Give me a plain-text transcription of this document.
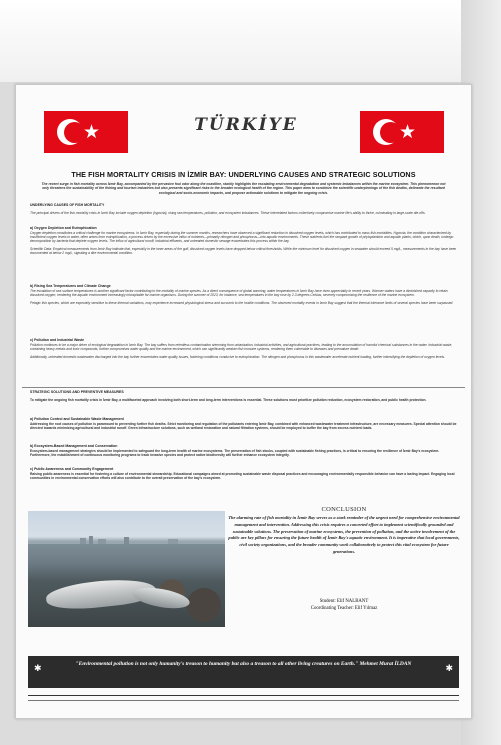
★	TÜRKİYE	★
THE FISH MORTALITY CRISIS IN İZMİR BAY: UNDERLYING CAUSES AND STRATEGIC SOLUTIONS
The recent surge in fish mortality across İzmir Bay, accompanied by the pervasive foul odor along the coastline, starkly highlights the escalating environmental degradation and systemic imbalances within the marine ecosystem. This phenomenon not only threatens the sustainability of the fishing and tourism industries but also presents significant risks to the broader ecological health of the region. This paper aims to scrutinize the scientific underpinnings of the fish deaths, delineate the resultant ecological and socio-economic impacts, and propose actionable solutions to mitigate the ongoing crisis.
UNDERLYING CAUSES OF FISH MORTALITY
The principal drivers of the fish mortality crisis in İzmir Bay include oxygen depletion (hypoxia), rising sea temperatures, pollution, and ecosystem imbalances. These interrelated factors collectively compromise marine life's ability to thrive, culminating in large-scale die-offs.
a) Oxygen Depletion and Eutrophication
Oxygen depletion constitutes a critical challenge for marine ecosystems. In İzmir Bay, especially during the summer months, researchers have observed a significant reduction in dissolved oxygen levels, which has contributed to mass fish mortalities. Hypoxia, the condition characterized by insufficient oxygen levels in water, often arises from eutrophication, a process driven by the excessive influx of nutrients—primarily nitrogen and phosphorus—into aquatic environments. These nutrients fuel the rampant growth of phytoplankton and aquatic plants, which, upon death, undergo decomposition by bacteria that deplete oxygen levels. The influx of agricultural runoff, industrial effluents, and untreated domestic sewage exacerbates this process within the bay.
Scientific Data: Empirical measurements from İzmir Bay indicate that, especially in the inner areas of the gulf, dissolved oxygen levels have dropped below critical thresholds. While the minimum level for dissolved oxygen in seawater should exceed 5 mg/L, measurements in the bay have been documented at below 2 mg/L, signaling a dire environmental condition.
b) Rising Sea Temperatures and Climate Change
The escalation of sea surface temperatures is another significant factor contributing to the mortality of marine species. As a direct consequence of global warming, water temperatures in İzmir Bay have risen appreciably in recent years. Warmer waters have a diminished capacity to retain dissolved oxygen, rendering the aquatic environment increasingly inhospitable for marine organisms. During the summer of 2023, for instance, sea temperatures in the bay rose by 2-3 degrees Celsius, severely compromising the resilience of the marine ecosystem.
Pelagic fish species, which are especially sensitive to these thermal variations, may experience increased physiological stress and succumb to the hostile conditions. The observed mortality events in İzmir Bay suggest that the thermal tolerance limits of several species have been surpassed.
c) Pollution and Industrial Waste
Pollution continues to be a major driver of ecological degradation in İzmir Bay. The bay suffers from relentless contamination stemming from urbanization, industrial activities, and agricultural practices, leading to the accumulation of harmful chemical substances in the water. Industrial waste, containing heavy metals and toxic compounds, further compromises water quality and the marine environment, which can significantly weaken fish immune systems, rendering them vulnerable to diseases and premature death.
Additionally, untreated domestic wastewater discharged into the bay further exacerbates water quality issues, fostering conditions conducive to eutrophication. The nitrogen and phosphorus in this wastewater accelerate nutrient loading, further intensifying the depletion of oxygen levels.
STRATEGIC SOLUTIONS AND PREVENTIVE MEASURES
To mitigate the ongoing fish mortality crisis in İzmir Bay, a multifaceted approach involving both short-term and long-term interventions is essential. These solutions must prioritize pollution reduction, ecosystem restoration, and public health protection.
a) Pollution Control and Sustainable Waste Management
Addressing the root causes of pollution is paramount to preventing further fish deaths. Strict monitoring and regulation of the pollutants entering İzmir Bay, combined with enhanced wastewater treatment infrastructure, are necessary measures. Special attention should be directed towards minimizing agricultural and industrial runoff. Green infrastructure solutions, such as wetland restoration and natural filtration systems, should be employed to buffer the bay from excess nutrient loads.
b) Ecosystem-Based Management and Conservation
Ecosystem-based management strategies should be implemented to safeguard the long-term health of marine ecosystems. The preservation of fish stocks, coupled with sustainable fishing practices, is critical to ensuring the resilience of İzmir Bay's ecosystem. Furthermore, the establishment of continuous monitoring programs to track invasive species and protect native biodiversity will further enhance ecosystem integrity.
c) Public Awareness and Community Engagement
Raising public awareness is essential for fostering a culture of environmental stewardship. Educational campaigns aimed at promoting sustainable waste disposal practices and encouraging environmentally responsible behavior can have a lasting impact. Engaging local communities in environmental conservation efforts will also contribute to the overall preservation of the bay's ecosystem.
CONCLUSION
The alarming rate of fish mortality in İzmir Bay serves as a stark reminder of the urgent need for comprehensive environmental management and intervention. Addressing this crisis requires a concerted effort to implement scientifically grounded and sustainable solutions. The preservation of marine ecosystems, the prevention of pollution, and the active involvement of the public are key pillars for ensuring the future health of İzmir Bay's aquatic environment. It is imperative that local governments, civil society organizations, and the broader community work collaboratively to protect this vital ecosystem for future generations.
Student: Elif NALBANT
Coordinating Teacher: Elif Yılmaz
✱	"Environmental pollution is not only humanity's treason to humanity but also a treason to all other living creatures on Earth." Mehmet Murat İLDAN	✱
